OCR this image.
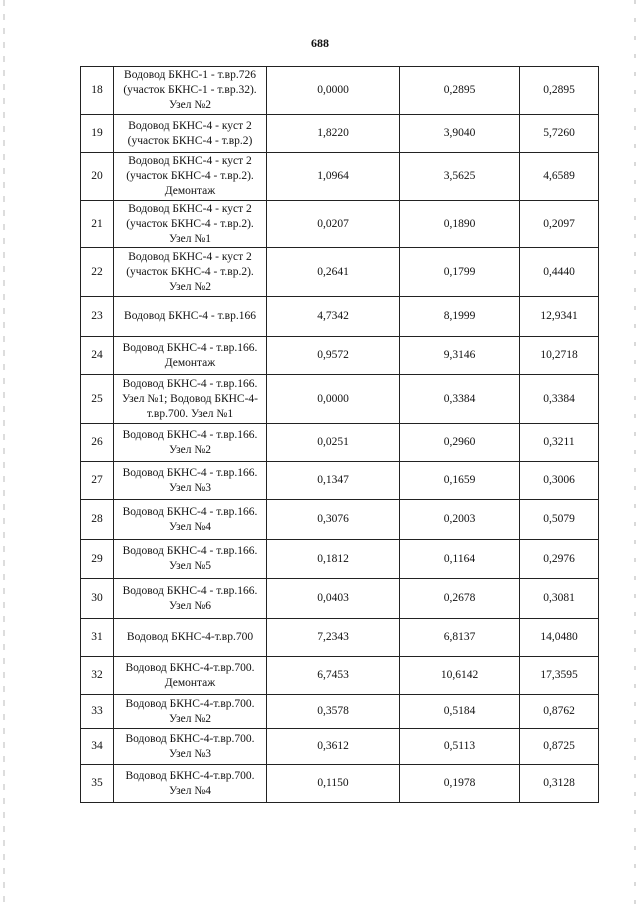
688
18	Водовод БКНС-1 - т.вр.726
(участок БКНС-1 - т.вр.32).
Узел №2	0,0000	0,2895	0,2895
19	Водовод БКНС-4 - куст 2
(участок БКНС-4 - т.вр.2)	1,8220	3,9040	5,7260
20	Водовод БКНС-4 - куст 2
(участок БКНС-4 - т.вр.2).
Демонтаж	1,0964	3,5625	4,6589
21	Водовод БКНС-4 - куст 2
(участок БКНС-4 - т.вр.2).
Узел №1	0,0207	0,1890	0,2097
22	Водовод БКНС-4 - куст 2
(участок БКНС-4 - т.вр.2).
Узел №2	0,2641	0,1799	0,4440
23	Водовод БКНС-4 - т.вр.166	4,7342	8,1999	12,9341
24	Водовод БКНС-4 - т.вр.166.
Демонтаж	0,9572	9,3146	10,2718
25	Водовод БКНС-4 - т.вр.166.
Узел №1; Водовод БКНС-4-
т.вр.700. Узел №1	0,0000	0,3384	0,3384
26	Водовод БКНС-4 - т.вр.166.
Узел №2	0,0251	0,2960	0,3211
27	Водовод БКНС-4 - т.вр.166.
Узел №3	0,1347	0,1659	0,3006
28	Водовод БКНС-4 - т.вр.166.
Узел №4	0,3076	0,2003	0,5079
29	Водовод БКНС-4 - т.вр.166.
Узел №5	0,1812	0,1164	0,2976
30	Водовод БКНС-4 - т.вр.166.
Узел №6	0,0403	0,2678	0,3081
31	Водовод БКНС-4-т.вр.700	7,2343	6,8137	14,0480
32	Водовод БКНС-4-т.вр.700.
Демонтаж	6,7453	10,6142	17,3595
33	Водовод БКНС-4-т.вр.700.
Узел №2	0,3578	0,5184	0,8762
34	Водовод БКНС-4-т.вр.700.
Узел №3	0,3612	0,5113	0,8725
35	Водовод БКНС-4-т.вр.700.
Узел №4	0,1150	0,1978	0,3128
